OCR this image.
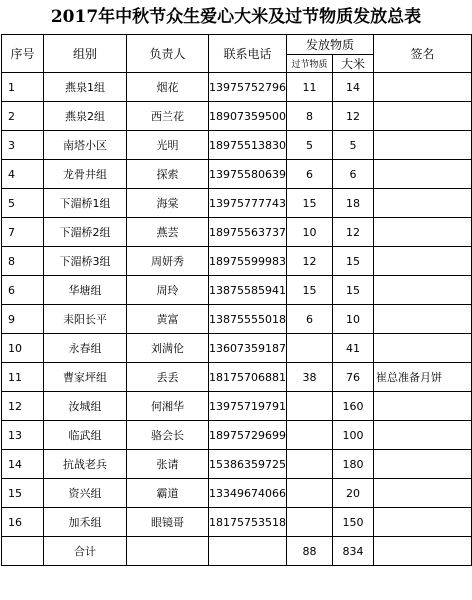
2017年中秋节众生爱心大米及过节物质发放总表
序号	组别	负责人	联系电话	发放物质		签名
				过节物质	大米	
1	燕泉1组	烟花	13975752796	11	14	
2	燕泉2组	西兰花	18907359500	8	12	
3	南塔小区	光明	18975513830	5	5	
4	龙骨井组	探索	13975580639	6	6	
5	下湄桥1组	海棠	13975777743	15	18	
7	下湄桥2组	燕芸	18975563737	10	12	
8	下湄桥3组	周妍秀	18975599983	12	15	
6	华塘组	周玲	13875585941	15	15	
9	耒阳长平	黄富	13875555018	6	10	
10	永春组	刘满伦	13607359187		41	
11	曹家坪组	丢丢	18175706881	38	76	崔总准备月饼
12	汝城组	何湘华	13975719791		160	
13	临武组	骆会长	18975729699		100	
14	抗战老兵	张请	15386359725		180	
15	资兴组	霸道	13349674066		20	
16	加禾组	眼镜哥	18175753518		150	
	合计			88	834	
